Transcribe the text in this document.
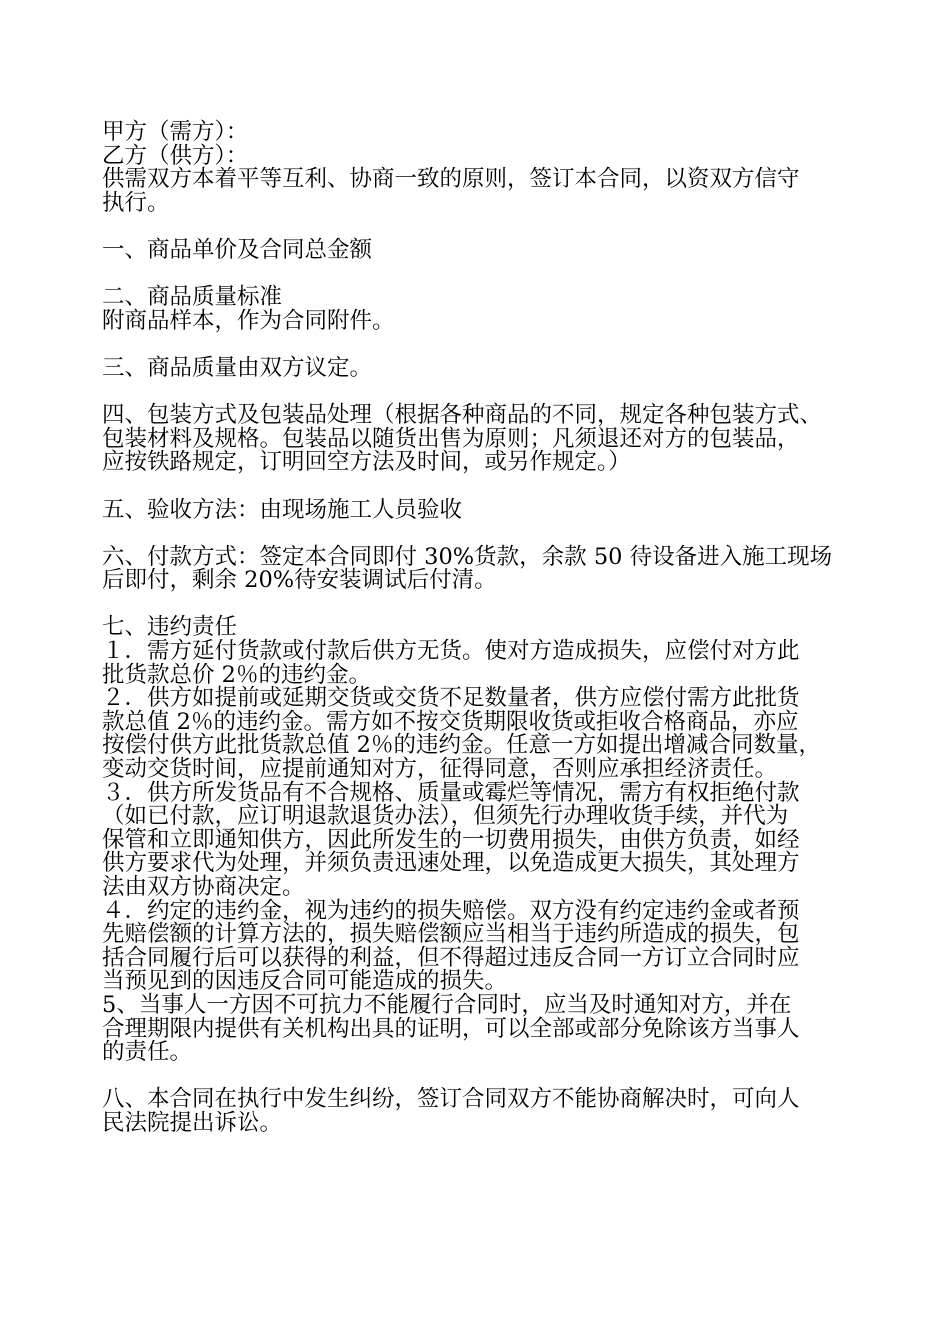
甲方（需方）：
乙方（供方）：
供需双方本着平等互利、协商一致的原则，签订本合同，以资双方信守
执行。
一、商品单价及合同总金额
二、商品质量标准
附商品样本，作为合同附件。
三、商品质量由双方议定。
四、包装方式及包装品处理（根据各种商品的不同，规定各种包装方式、
包装材料及规格。包装品以随货出售为原则；凡须退还对方的包装品，
应按铁路规定，订明回空方法及时间，或另作规定。）
五、验收方法：由现场施工人员验收
六、付款方式：签定本合同即付 30%货款，余款 50 待设备进入施工现场
后即付，剩余 20%待安装调试后付清。
七、违约责任
１．需方延付货款或付款后供方无货。使对方造成损失，应偿付对方此
批货款总价 2％的违约金。
２．供方如提前或延期交货或交货不足数量者，供方应偿付需方此批货
款总值 2％的违约金。需方如不按交货期限收货或拒收合格商品，亦应
按偿付供方此批货款总值 2％的违约金。任意一方如提出增减合同数量，
变动交货时间，应提前通知对方，征得同意，否则应承担经济责任。
３．供方所发货品有不合规格、质量或霉烂等情况，需方有权拒绝付款
（如已付款，应订明退款退货办法），但须先行办理收货手续，并代为
保管和立即通知供方，因此所发生的一切费用损失，由供方负责，如经
供方要求代为处理，并须负责迅速处理，以免造成更大损失，其处理方
法由双方协商决定。
４．约定的违约金，视为违约的损失赔偿。双方没有约定违约金或者预
先赔偿额的计算方法的，损失赔偿额应当相当于违约所造成的损失，包
括合同履行后可以获得的利益，但不得超过违反合同一方订立合同时应
当预见到的因违反合同可能造成的损失。
5、当事人一方因不可抗力不能履行合同时，应当及时通知对方，并在
合理期限内提供有关机构出具的证明，可以全部或部分免除该方当事人
的责任。
八、本合同在执行中发生纠纷，签订合同双方不能协商解决时，可向人
民法院提出诉讼。
